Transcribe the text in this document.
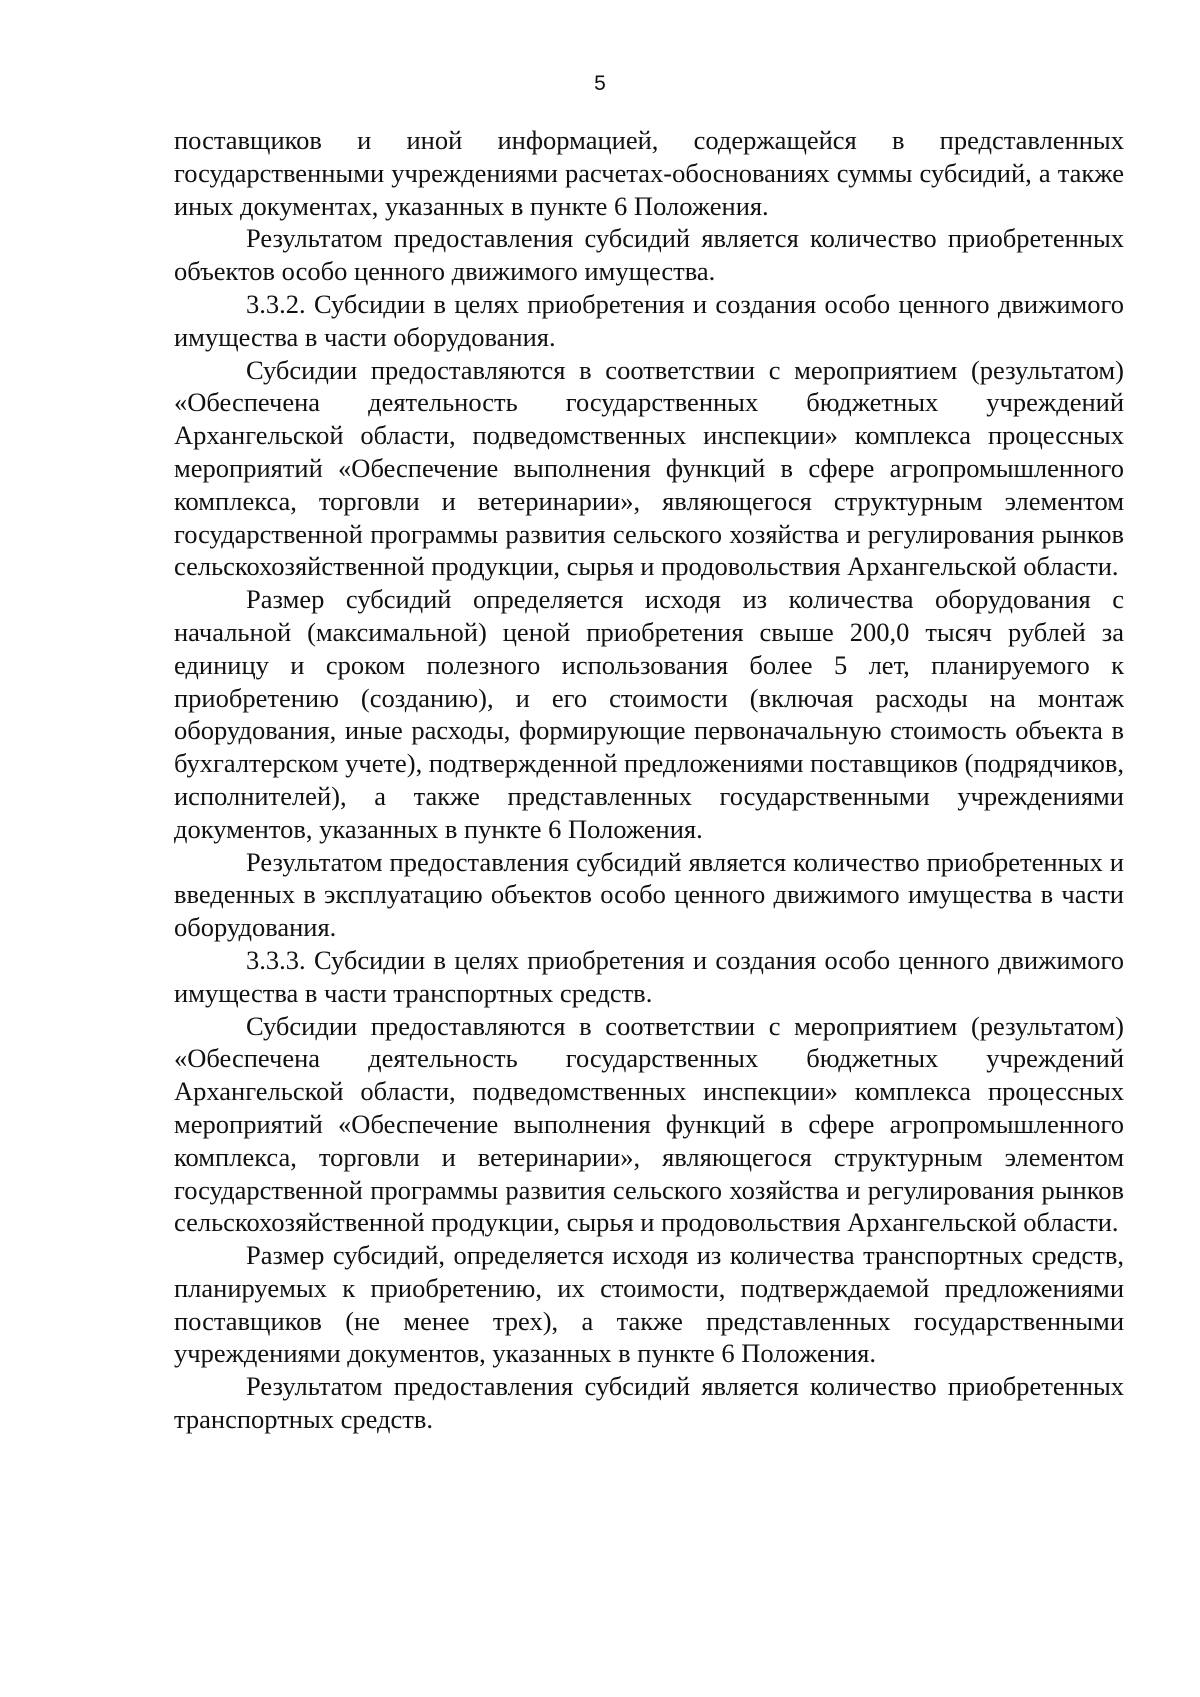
5

поставщиков и иной информацией, содержащейся в представленных государственными учреждениями расчетах-обоснованиях суммы субсидий, а также иных документах, указанных в пункте 6 Положения.

Результатом предоставления субсидий является количество приобретенных объектов особо ценного движимого имущества.

3.3.2. Субсидии в целях приобретения и создания особо ценного движимого имущества в части оборудования.

Субсидии предоставляются в соответствии с мероприятием (результатом) «Обеспечена деятельность государственных бюджетных учреждений Архангельской области, подведомственных инспекции» комплекса процессных мероприятий «Обеспечение выполнения функций в сфере агропромышленного комплекса, торговли и ветеринарии», являющегося структурным элементом государственной программы развития сельского хозяйства и регулирования рынков сельскохозяйственной продукции, сырья и продовольствия Архангельской области.

Размер субсидий определяется исходя из количества оборудования с начальной (максимальной) ценой приобретения свыше 200,0 тысяч рублей за единицу и сроком полезного использования более 5 лет, планируемого к приобретению (созданию), и его стоимости (включая расходы на монтаж оборудования, иные расходы, формирующие первоначальную стоимость объекта в бухгалтерском учете), подтвержденной предложениями поставщиков (подрядчиков, исполнителей), а также представленных государственными учреждениями документов, указанных в пункте 6 Положения.

Результатом предоставления субсидий является количество приобретенных и введенных в эксплуатацию объектов особо ценного движимого имущества в части оборудования.

3.3.3. Субсидии в целях приобретения и создания особо ценного движимого имущества в части транспортных средств.

Субсидии предоставляются в соответствии с мероприятием (результатом) «Обеспечена деятельность государственных бюджетных учреждений Архангельской области, подведомственных инспекции» комплекса процессных мероприятий «Обеспечение выполнения функций в сфере агропромышленного комплекса, торговли и ветеринарии», являющегося структурным элементом государственной программы развития сельского хозяйства и регулирования рынков сельскохозяйственной продукции, сырья и продовольствия Архангельской области.

Размер субсидий, определяется исходя из количества транспортных средств, планируемых к приобретению, их стоимости, подтверждаемой предложениями поставщиков (не менее трех), а также представленных государственными учреждениями документов, указанных в пункте 6 Положения.

Результатом предоставления субсидий является количество приобретенных транспортных средств.
